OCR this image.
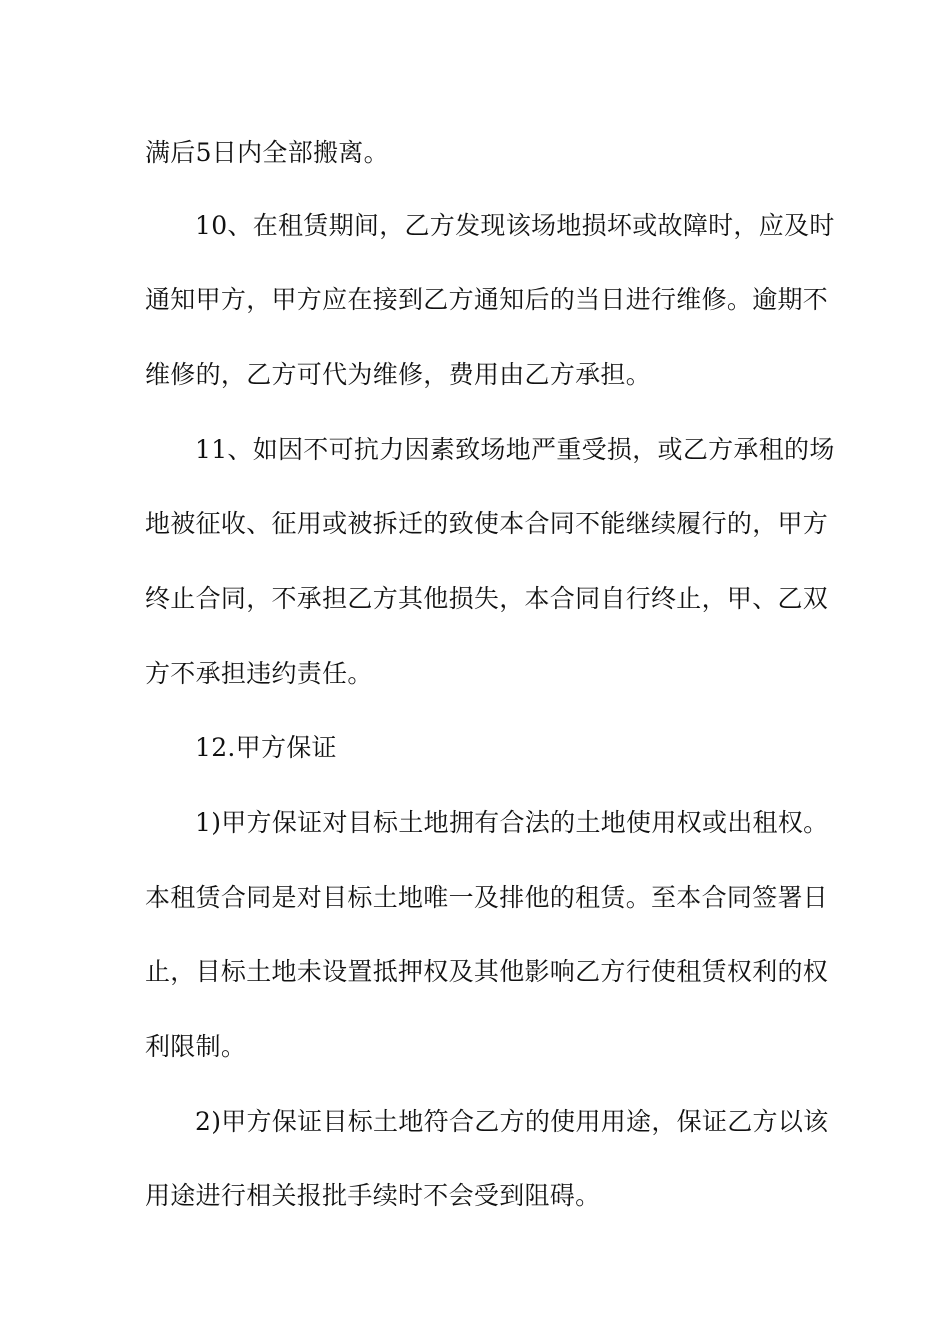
满后5日内全部搬离。
10、在租赁期间，乙方发现该场地损坏或故障时，应及时
通知甲方，甲方应在接到乙方通知后的当日进行维修。逾期不
维修的，乙方可代为维修，费用由乙方承担。
11、如因不可抗力因素致场地严重受损，或乙方承租的场
地被征收、征用或被拆迁的致使本合同不能继续履行的，甲方
终止合同，不承担乙方其他损失，本合同自行终止，甲、乙双
方不承担违约责任。
12.甲方保证
1)甲方保证对目标土地拥有合法的土地使用权或出租权。
本租赁合同是对目标土地唯一及排他的租赁。至本合同签署日
止，目标土地未设置抵押权及其他影响乙方行使租赁权利的权
利限制。
2)甲方保证目标土地符合乙方的使用用途，保证乙方以该
用途进行相关报批手续时不会受到阻碍。
